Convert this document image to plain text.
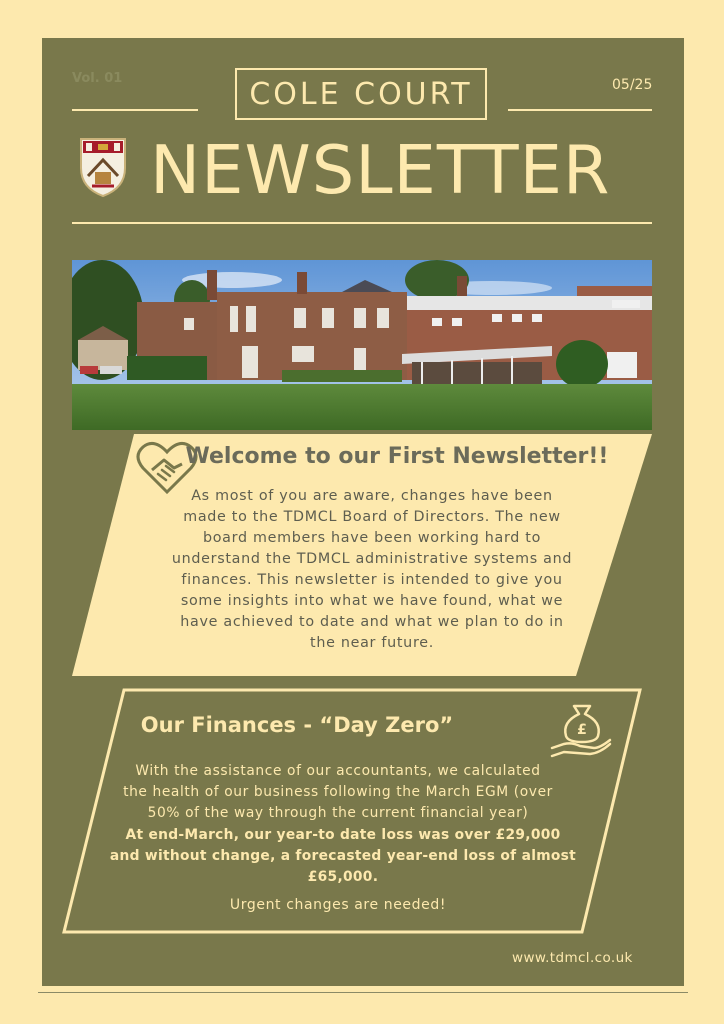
Vol. 01	COLE COURT	05/25
NEWSLETTER
Welcome to our First Newsletter!!
As most of you are aware, changes have been
made to the TDMCL Board of Directors. The new
board members have been working hard to
understand the TDMCL administrative systems and
finances. This newsletter is intended to give you
some insights into what we have found, what we
have achieved to date and what we plan to do in
the near future.
£
Our Finances - “Day Zero”
With the assistance of our accountants, we calculated
the health of our business following the March EGM (over
50% of the way through the current financial year)
At end-March, our year-to date loss was over £29,000
and without change, a forecasted year-end loss of almost
£65,000.
Urgent changes are needed!
www.tdmcl.co.uk
